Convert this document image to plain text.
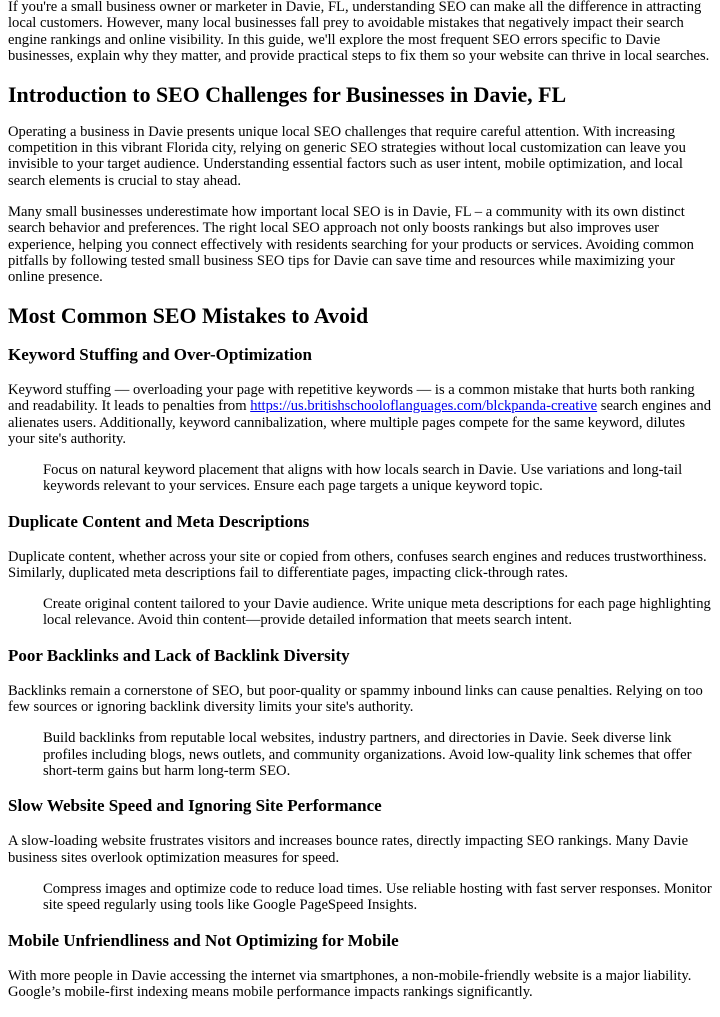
If you're a small business owner or marketer in Davie, FL, understanding SEO can make all the difference in attracting local customers. However, many local businesses fall prey to avoidable mistakes that negatively impact their search engine rankings and online visibility. In this guide, we'll explore the most frequent SEO errors specific to Davie businesses, explain why they matter, and provide practical steps to fix them so your website can thrive in local searches.

Introduction to SEO Challenges for Businesses in Davie, FL

Operating a business in Davie presents unique local SEO challenges that require careful attention. With increasing competition in this vibrant Florida city, relying on generic SEO strategies without local customization can leave you invisible to your target audience. Understanding essential factors such as user intent, mobile optimization, and local search elements is crucial to stay ahead.

Many small businesses underestimate how important local SEO is in Davie, FL – a community with its own distinct search behavior and preferences. The right local SEO approach not only boosts rankings but also improves user experience, helping you connect effectively with residents searching for your products or services. Avoiding common pitfalls by following tested small business SEO tips for Davie can save time and resources while maximizing your online presence.

Most Common SEO Mistakes to Avoid
Keyword Stuffing and Over-Optimization

Keyword stuffing — overloading your page with repetitive keywords — is a common mistake that hurts both ranking and readability. It leads to penalties from https://us.britishschooloflanguages.com/blckpanda-creative search engines and alienates users. Additionally, keyword cannibalization, where multiple pages compete for the same keyword, dilutes your site's authority.

Focus on natural keyword placement that aligns with how locals search in Davie. Use variations and long-tail keywords relevant to your services. Ensure each page targets a unique keyword topic.
Duplicate Content and Meta Descriptions

Duplicate content, whether across your site or copied from others, confuses search engines and reduces trustworthiness. Similarly, duplicated meta descriptions fail to differentiate pages, impacting click-through rates.

Create original content tailored to your Davie audience. Write unique meta descriptions for each page highlighting local relevance. Avoid thin content—provide detailed information that meets search intent.
Poor Backlinks and Lack of Backlink Diversity

Backlinks remain a cornerstone of SEO, but poor-quality or spammy inbound links can cause penalties. Relying on too few sources or ignoring backlink diversity limits your site's authority.

Build backlinks from reputable local websites, industry partners, and directories in Davie. Seek diverse link profiles including blogs, news outlets, and community organizations. Avoid low-quality link schemes that offer short-term gains but harm long-term SEO.
Slow Website Speed and Ignoring Site Performance

A slow-loading website frustrates visitors and increases bounce rates, directly impacting SEO rankings. Many Davie business sites overlook optimization measures for speed.

Compress images and optimize code to reduce load times. Use reliable hosting with fast server responses. Monitor site speed regularly using tools like Google PageSpeed Insights.
Mobile Unfriendliness and Not Optimizing for Mobile

With more people in Davie accessing the internet via smartphones, a non-mobile-friendly website is a major liability. Google’s mobile-first indexing means mobile performance impacts rankings significantly.
